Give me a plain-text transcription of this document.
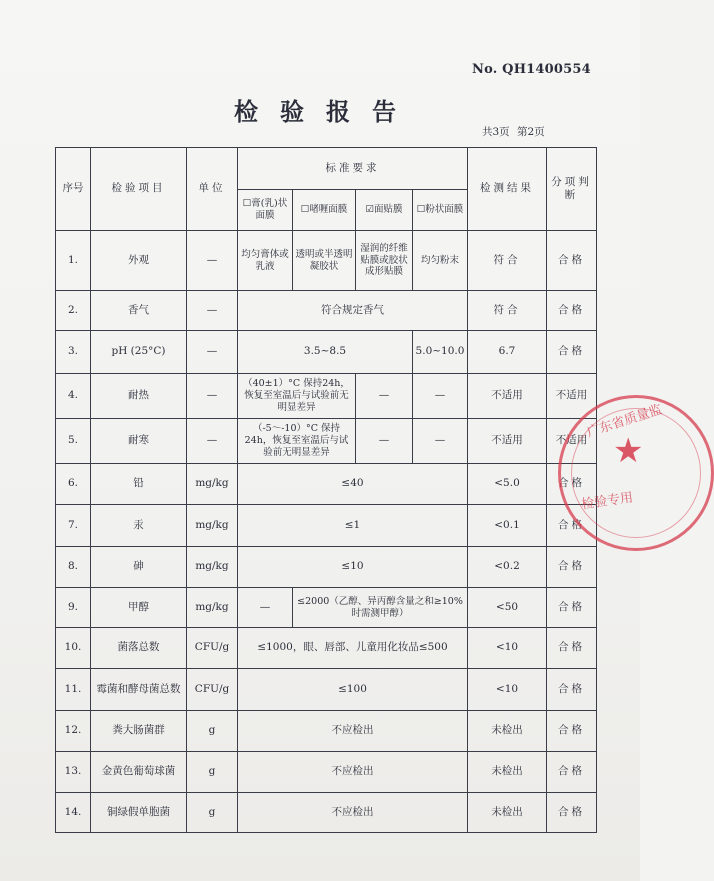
No. QH1400554
检验报告
共3页 第2页
序号	检验项目	单位	标准要求				检测结果	分项判断
			☐膏(乳)状面膜	☐啫喱面膜	☑面贴膜	☐粉状面膜		
1.	外观	—	均匀膏体或乳液	透明或半透明凝胶状	湿润的纤维贴膜或胶状成形贴膜	均匀粉末	符合	合格
2.	香气	—	符合规定香气				符合	合格
3.	pH (25°C)	—	3.5~8.5			5.0~10.0	6.7	合格
4.	耐热	—	（40±1）°C 保持24h，恢复至室温后与试验前无明显差异		—	—	不适用	不适用
5.	耐寒	—	（-5～-10）°C 保持24h，恢复至室温后与试验前无明显差异		—	—	不适用	不适用
6.	铅	mg/kg	≤40				<5.0	合格
7.	汞	mg/kg	≤1				<0.1	合格
8.	砷	mg/kg	≤10				<0.2	合格
9.	甲醇	mg/kg	—	≤2000（乙醇、异丙醇含量之和≥10%时需测甲醇）			<50	合格
10.	菌落总数	CFU/g	≤1000，眼、唇部、儿童用化妆品≤500				<10	合格
11.	霉菌和酵母菌总数	CFU/g	≤100				<10	合格
12.	粪大肠菌群	g	不应检出				未检出	合格
13.	金黄色葡萄球菌	g	不应检出				未检出	合格
14.	铜绿假单胞菌	g	不应检出				未检出	合格
★
广东省质量监
检验专用
